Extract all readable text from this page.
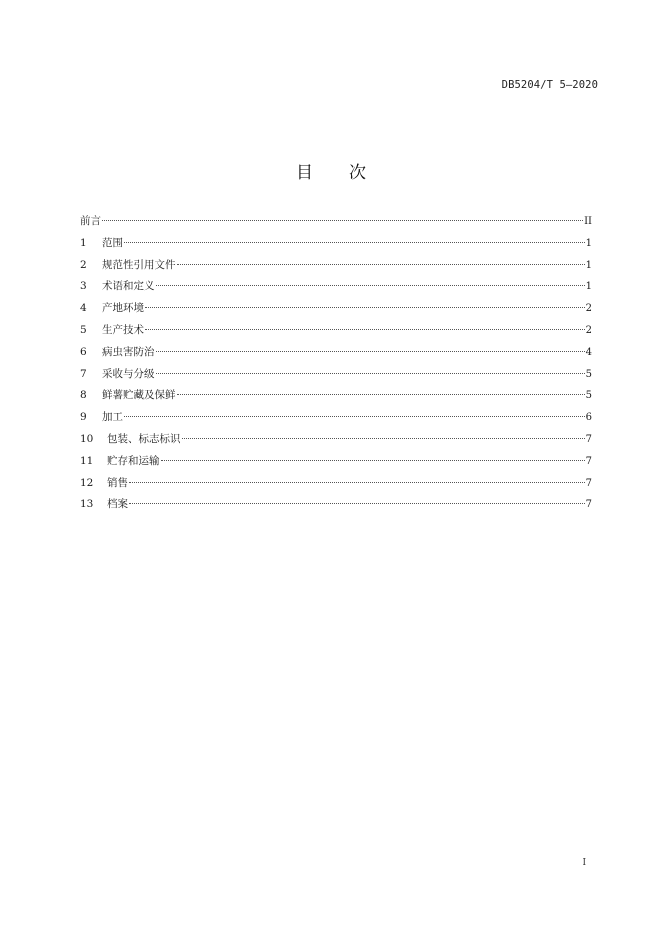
DB5204/T 5—2020
目次
前言	II
1	范围	1
2	规范性引用文件	1
3	术语和定义	1
4	产地环境	2
5	生产技术	2
6	病虫害防治	4
7	采收与分级	5
8	鲜薯贮藏及保鲜	5
9	加工	6
10	包装、标志标识	7
11	贮存和运输	7
12	销售	7
13	档案	7
I
